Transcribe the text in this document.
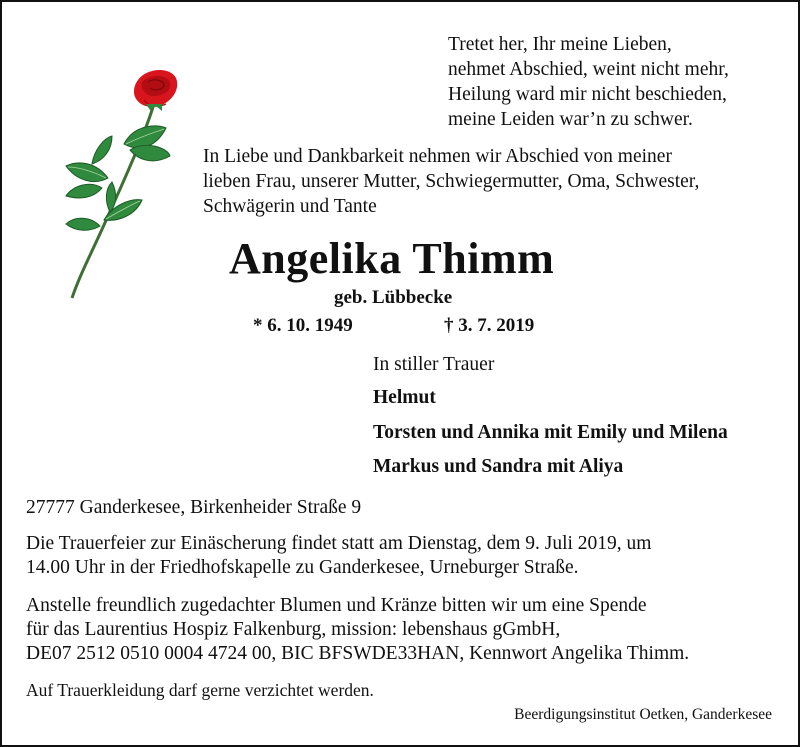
Tretet her, Ihr meine Lieben,
nehmet Abschied, weint nicht mehr,
Heilung ward mir nicht beschieden,
meine Leiden war’n zu schwer.
In Liebe und Dankbarkeit nehmen wir Abschied von meiner
lieben Frau, unserer Mutter, Schwiegermutter, Oma, Schwester,
Schwägerin und Tante
Angelika Thimm
geb. Lübbecke
* 6. 10. 1949	† 3. 7. 2019
In stiller Trauer
Helmut
Torsten und Annika mit Emily und Milena
Markus und Sandra mit Aliya
27777 Ganderkesee, Birkenheider Straße 9
Die Trauerfeier zur Einäscherung findet statt am Dienstag, dem 9. Juli 2019, um
14.00 Uhr in der Friedhofskapelle zu Ganderkesee, Urneburger Straße.
Anstelle freundlich zugedachter Blumen und Kränze bitten wir um eine Spende
für das Laurentius Hospiz Falkenburg, mission: lebenshaus gGmbH,
DE07 2512 0510 0004 4724 00, BIC BFSWDE33HAN, Kennwort Angelika Thimm.
Auf Trauerkleidung darf gerne verzichtet werden.
Beerdigungsinstitut Oetken, Ganderkesee
